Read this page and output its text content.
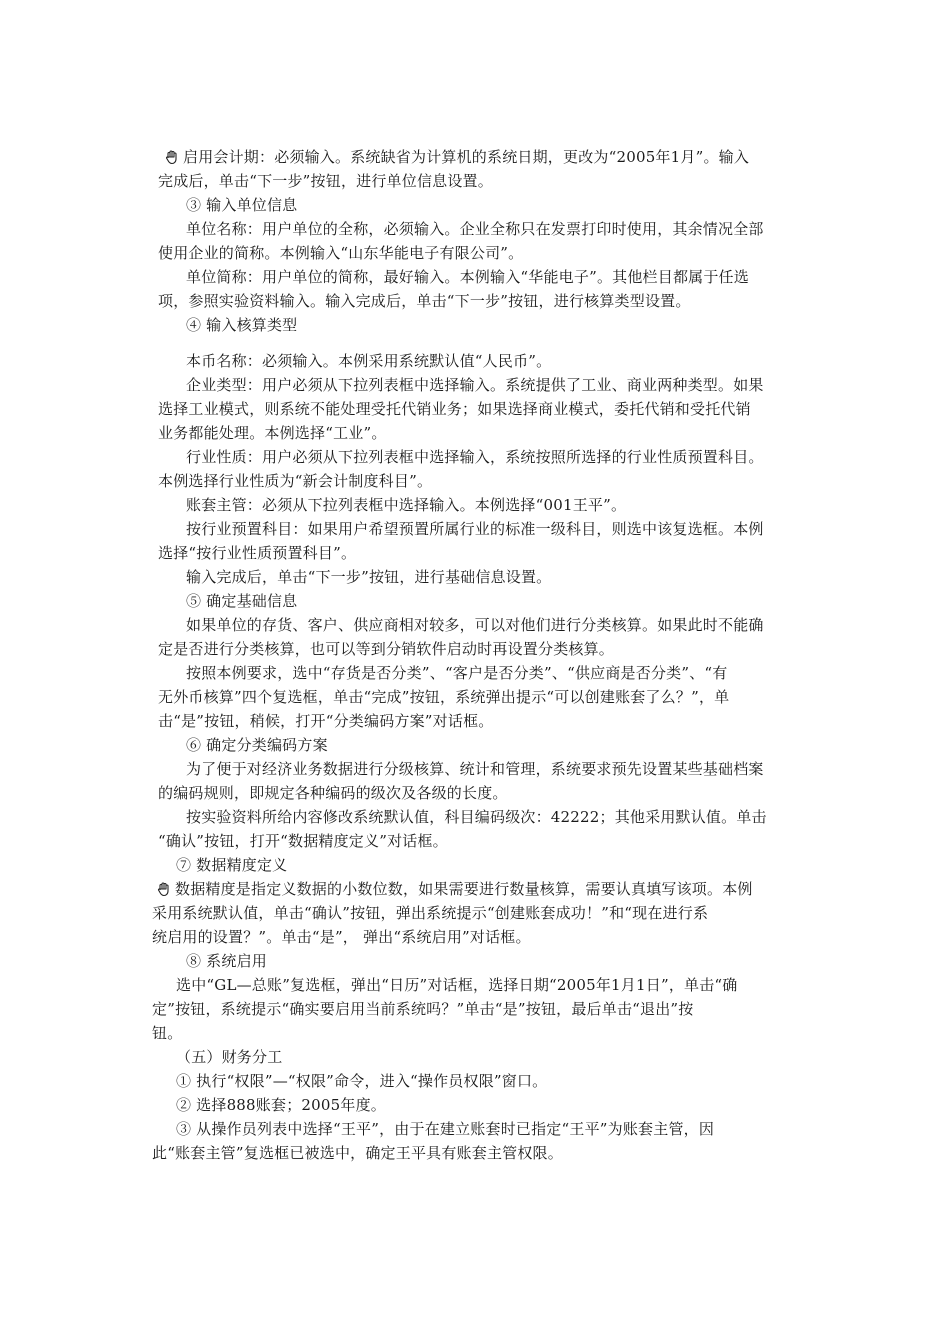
启用会计期：必须输入。系统缺省为计算机的系统日期，更改为“2005年1月”。输入
完成后，单击“下一步”按钮，进行单位信息设置。
③ 输入单位信息
单位名称：用户单位的全称，必须输入。企业全称只在发票打印时使用，其余情况全部
使用企业的简称。本例输入“山东华能电子有限公司”。
单位简称：用户单位的简称，最好输入。本例输入“华能电子”。其他栏目都属于任选
项，参照实验资料输入。输入完成后，单击“下一步”按钮，进行核算类型设置。
④ 输入核算类型
本币名称：必须输入。本例采用系统默认值“人民币”。
企业类型：用户必须从下拉列表框中选择输入。系统提供了工业、商业两种类型。如果
选择工业模式，则系统不能处理受托代销业务；如果选择商业模式，委托代销和受托代销
业务都能处理。本例选择“工业”。
行业性质：用户必须从下拉列表框中选择输入，系统按照所选择的行业性质预置科目。
本例选择行业性质为“新会计制度科目”。
账套主管：必须从下拉列表框中选择输入。本例选择“001王平”。
按行业预置科目：如果用户希望预置所属行业的标准一级科目，则选中该复选框。本例
选择“按行业性质预置科目”。
输入完成后，单击“下一步”按钮，进行基础信息设置。
⑤ 确定基础信息
如果单位的存货、客户、供应商相对较多，可以对他们进行分类核算。如果此时不能确
定是否进行分类核算，也可以等到分销软件启动时再设置分类核算。
按照本例要求，选中“存货是否分类”、“客户是否分类”、“供应商是否分类”、“有
无外币核算”四个复选框，单击“完成”按钮，系统弹出提示“可以创建账套了么？”，单
击“是”按钮，稍候，打开“分类编码方案”对话框。
⑥ 确定分类编码方案
为了便于对经济业务数据进行分级核算、统计和管理，系统要求预先设置某些基础档案
的编码规则，即规定各种编码的级次及各级的长度。
按实验资料所给内容修改系统默认值，科目编码级次：42222；其他采用默认值。单击
“确认”按钮，打开“数据精度定义”对话框。
⑦ 数据精度定义
数据精度是指定义数据的小数位数，如果需要进行数量核算，需要认真填写该项。本例
采用系统默认值，单击“确认”按钮，弹出系统提示“创建账套成功！”和“现在进行系
统启用的设置？”。单击“是”， 弹出“系统启用”对话框。
⑧ 系统启用
选中“GL—总账”复选框，弹出“日历”对话框，选择日期“2005年1月1日”，单击“确
定”按钮，系统提示“确实要启用当前系统吗？”单击“是”按钮，最后单击“退出”按
钮。
（五）财务分工
① 执行“权限”—“权限”命令，进入“操作员权限”窗口。
② 选择888账套；2005年度。
③ 从操作员列表中选择“王平”，由于在建立账套时已指定“王平”为账套主管，因
此“账套主管”复选框已被选中，确定王平具有账套主管权限。
